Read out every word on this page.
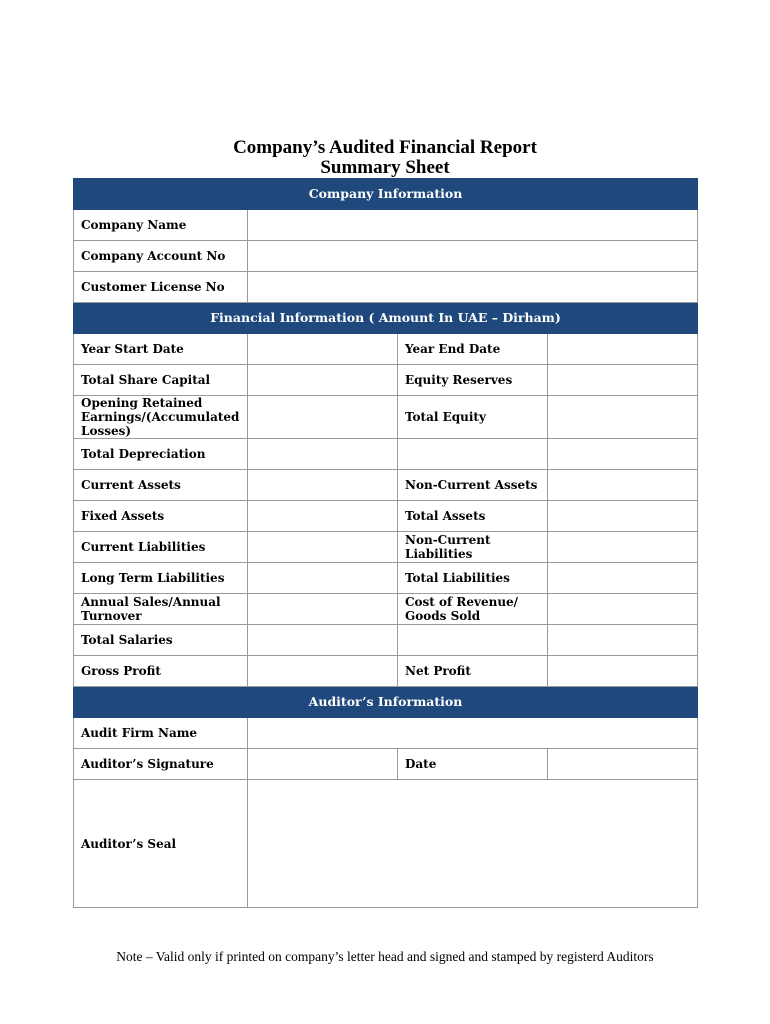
Company’s Audited Financial Report
Summary Sheet
Company Information			
Company Name			
Company Account No			
Customer License No			
Financial Information ( Amount In UAE – Dirham)			
Year Start Date		Year End Date	
Total Share Capital		Equity Reserves	
Opening Retained Earnings/(Accumulated Losses)		Total Equity	
Total Depreciation			
Current Assets		Non-Current Assets	
Fixed Assets		Total Assets	
Current Liabilities		Non-Current Liabilities	
Long Term Liabilities		Total Liabilities	
Annual Sales/Annual Turnover		Cost of Revenue/ Goods Sold	
Total Salaries			
Gross Profit		Net Profit	
Auditor’s Information			
Audit Firm Name			
Auditor’s Signature		Date	
Auditor’s Seal			
Note – Valid only if printed on company’s letter head and signed and stamped by registerd Auditors
